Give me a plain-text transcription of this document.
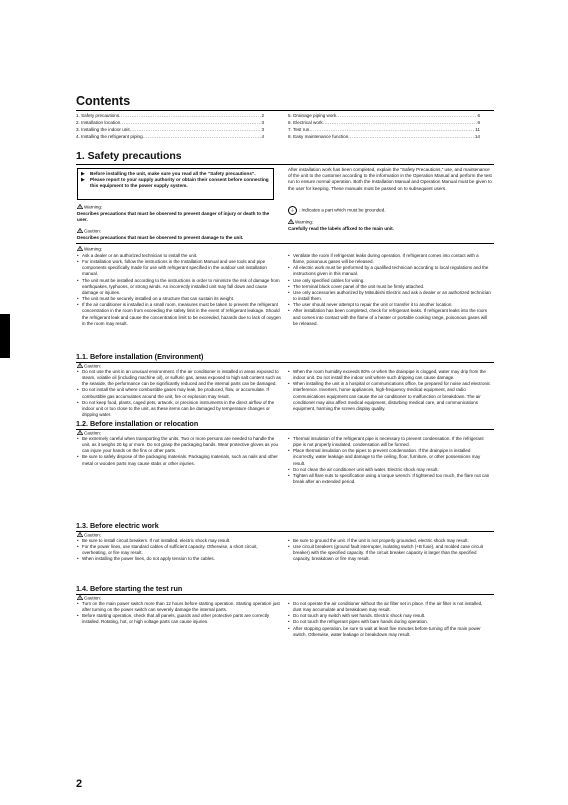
Contents
1. Safety precautions .....	2
2. Installation location .....	3
3. Installing the indoor unit .....	3
4. Installing the refrigerant piping .....	4
5. Drainage piping work .....	6
6. Electrical work .....	6
7. Test run .....	11
8. Easy maintenance function .....	14
1. Safety precautions
▶	Before installing the unit, make sure you read all the “Safety precautions”.
▶	Please report to your supply authority or obtain their consent before connecting this equipment to the power supply system.
Warning:
Describes precautions that must be observed to prevent danger of injury or death to the user.
Caution:
Describes precautions that must be observed to prevent damage to the unit.
After installation work has been completed, explain the “Safety Precautions,” use, and maintenance of the unit to the customer according to the information in the Operation Manual and perform the test run to ensure normal operation. Both the Installation Manual and Operation Manual must be given to the user for keeping. These manuals must be passed on to subsequent users.
⏚ : Indicates a part which must be grounded.
Warning:
Carefully read the labels affixed to the main unit.
Warning:
• Ask a dealer or an authorized technician to install the unit.
• For installation work, follow the instructions in the Installation Manual and use tools and pipe components specifically made for use with refrigerant specified in the outdoor unit installation manual.
• The unit must be installed according to the instructions in order to minimize the risk of damage from earthquakes, typhoons, or strong winds. An incorrectly installed unit may fall down and cause damage or injuries.
• The unit must be securely installed on a structure that can sustain its weight.
• If the air conditioner is installed in a small room, measures must be taken to prevent the refrigerant concentration in the room from exceeding the safety limit in the event of refrigerant leakage. Should the refrigerant leak and cause the concentration limit to be exceeded, hazards due to lack of oxygen in the room may result.
• Ventilate the room if refrigerant leaks during operation. If refrigerant comes into contact with a flame, poisonous gases will be released.
• All electric work must be performed by a qualified technician according to local regulations and the instructions given in this manual.
• Use only specified cables for wiring.
• The terminal block cover panel of the unit must be firmly attached.
• Use only accessories authorized by Mitsubishi Electric and ask a dealer or an authorized technician to install them.
• The user should never attempt to repair the unit or transfer it to another location.
• After installation has been completed, check for refrigerant leaks. If refrigerant leaks into the room and comes into contact with the flame of a heater or portable cooking range, poisonous gases will be released.
1.1. Before installation (Environment)
Caution:
• Do not use the unit in an unusual environment. If the air conditioner is installed in areas exposed to steam, volatile oil (including machine oil), or sulfuric gas, areas exposed to high salt content such as the seaside, the performance can be significantly reduced and the internal parts can be damaged.
• Do not install the unit where combustible gases may leak, be produced, flow, or accumulate. If combustible gas accumulates around the unit, fire or explosion may result.
• Do not keep food, plants, caged pets, artwork, or precision instruments in the direct airflow of the indoor unit or too close to the unit, as these items can be damaged by temperature changes or dripping water.
• When the room humidity exceeds 80% or when the drainpipe is clogged, water may drip from the indoor unit. Do not install the indoor unit where such dripping can cause damage.
• When installing the unit in a hospital or communications office, be prepared for noise and electronic interference. Inverters, home appliances, high-frequency medical equipment, and radio communications equipment can cause the air conditioner to malfunction or breakdown. The air conditioner may also affect medical equipment, disturbing medical care, and communications equipment, harming the screen display quality.
1.2. Before installation or relocation
Caution:
• Be extremely careful when transporting the units. Two or more persons are needed to handle the unit, as it weighs 20 kg or more. Do not grasp the packaging bands. Wear protective gloves as you can injure your hands on the fins or other parts.
• Be sure to safely dispose of the packaging materials. Packaging materials, such as nails and other metal or wooden parts may cause stabs or other injuries.
• Thermal insulation of the refrigerant pipe is necessary to prevent condensation. If the refrigerant pipe is not properly insulated, condensation will be formed.
• Place thermal insulation on the pipes to prevent condensation. If the drainpipe is installed incorrectly, water leakage and damage to the ceiling, floor, furniture, or other possessions may result.
• Do not clean the air conditioner unit with water. Electric shock may result.
• Tighten all flare nuts to specification using a torque wrench. If tightened too much, the flare nut can break after an extended period.
1.3. Before electric work
Caution:
• Be sure to install circuit breakers. If not installed, electric shock may result.
• For the power lines, use standard cables of sufficient capacity. Otherwise, a short circuit, overheating, or fire may result.
• When installing the power lines, do not apply tension to the cables.
• Be sure to ground the unit. If the unit is not properly grounded, electric shock may result.
• Use circuit breakers (ground fault interrupter, isolating switch (+B fuse), and molded case circuit breaker) with the specified capacity. If the circuit breaker capacity is larger than the specified capacity, breakdown or fire may result.
1.4. Before starting the test run
Caution:
• Turn on the main power switch more than 12 hours before starting operation. Starting operation just after turning on the power switch can severely damage the internal parts.
• Before starting operation, check that all panels, guards and other protective parts are correctly installed. Rotating, hot, or high voltage parts can cause injuries.
• Do not operate the air conditioner without the air filter set in place. If the air filter is not installed, dust may accumulate and breakdown may result.
• Do not touch any switch with wet hands. Electric shock may result.
• Do not touch the refrigerant pipes with bare hands during operation.
• After stopping operation, be sure to wait at least five minutes before turning off the main power switch. Otherwise, water leakage or breakdown may result.
2
